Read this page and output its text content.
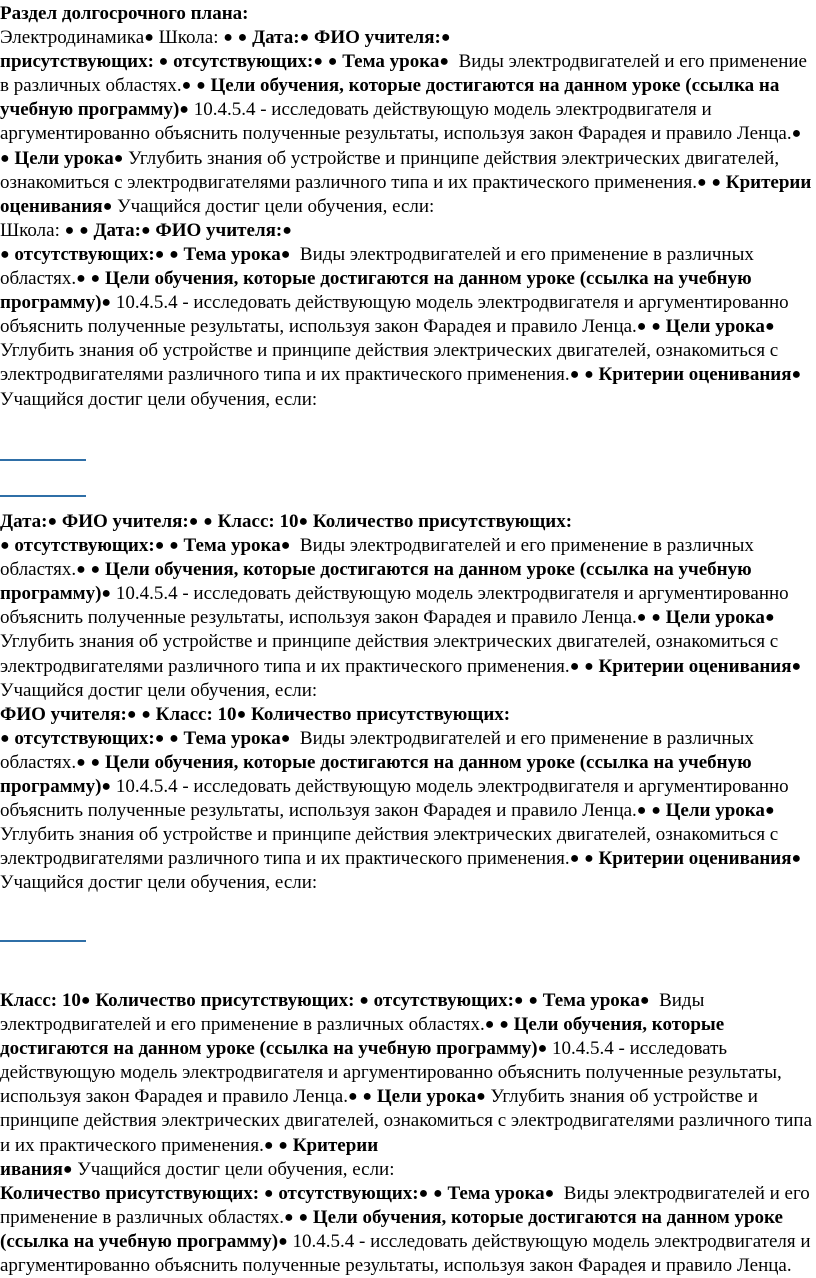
Раздел долгосрочного плана:
Электродинамика● Школа: ● ● Дата:● ФИО учителя:●
присутствующих: ● отсутствующих:● ● Тема урока● Виды электродвигателей и его применение в различных областях.● ● Цели обучения, которые достигаются на данном уроке (ссылка на учебную программу)● 10.4.5.4 - исследовать действующую модель электродвигателя и аргументированно объяснить полученные результаты, используя закон Фарадея и правило Ленца.● ● Цели урока● Углубить знания об устройстве и принципе действия электрических двигателей, ознакомиться с электродвигателями различного типа и их практического применения.● ● Критерии оценивания● Учащийся достиг цели обучения, если:

Школа: ● ● Дата:● ФИО учителя:●
● отсутствующих:● ● Тема урока● Виды электродвигателей и его применение в различных областях.● ● Цели обучения, которые достигаются на данном уроке (ссылка на учебную программу)● 10.4.5.4 - исследовать действующую модель электродвигателя и аргументированно объяснить полученные результаты, используя закон Фарадея и правило Ленца.● ● Цели урока● Углубить знания об устройстве и принципе действия электрических двигателей, ознакомиться с электродвигателями различного типа и их практического применения.● ● Критерии оценивания● Учащийся достиг цели обучения, если:

Дата:● ФИО учителя:● ● Класс: 10● Количество присутствующих:
● отсутствующих:● ● Тема урока● Виды электродвигателей и его применение в различных областях.● ● Цели обучения, которые достигаются на данном уроке (ссылка на учебную программу)● 10.4.5.4 - исследовать действующую модель электродвигателя и аргументированно объяснить полученные результаты, используя закон Фарадея и правило Ленца.● ● Цели урока● Углубить знания об устройстве и принципе действия электрических двигателей, ознакомиться с электродвигателями различного типа и их практического применения.● ● Критерии оценивания● Учащийся достиг цели обучения, если:

ФИО учителя:● ● Класс: 10● Количество присутствующих:
● отсутствующих:● ● Тема урока● Виды электродвигателей и его применение в различных областях.● ● Цели обучения, которые достигаются на данном уроке (ссылка на учебную программу)● 10.4.5.4 - исследовать действующую модель электродвигателя и аргументированно объяснить полученные результаты, используя закон Фарадея и правило Ленца.● ● Цели урока● Углубить знания об устройстве и принципе действия электрических двигателей, ознакомиться с электродвигателями различного типа и их практического применения.● ● Критерии оценивания● Учащийся достиг цели обучения, если:

Класс: 10● Количество присутствующих: ● отсутствующих:● ● Тема урока● Виды электродвигателей и его применение в различных областях.● ● Цели обучения, которые достигаются на данном уроке (ссылка на учебную программу)● 10.4.5.4 - исследовать действующую модель электродвигателя и аргументированно объяснить полученные результаты, используя закон Фарадея и правило Ленца.● ● Цели урока● Углубить знания об устройстве и принципе действия электрических двигателей, ознакомиться с электродвигателями различного типа и их практического применения.● ● Критерии
ивания● Учащийся достиг цели обучения, если:

Количество присутствующих: ● отсутствующих:● ● Тема урока● Виды электродвигателей и его применение в различных областях.● ● Цели обучения, которые достигаются на данном уроке (ссылка на учебную программу)● 10.4.5.4 - исследовать действующую модель электродвигателя и аргументированно объяснить полученные результаты, используя закон Фарадея и правило Ленца.
